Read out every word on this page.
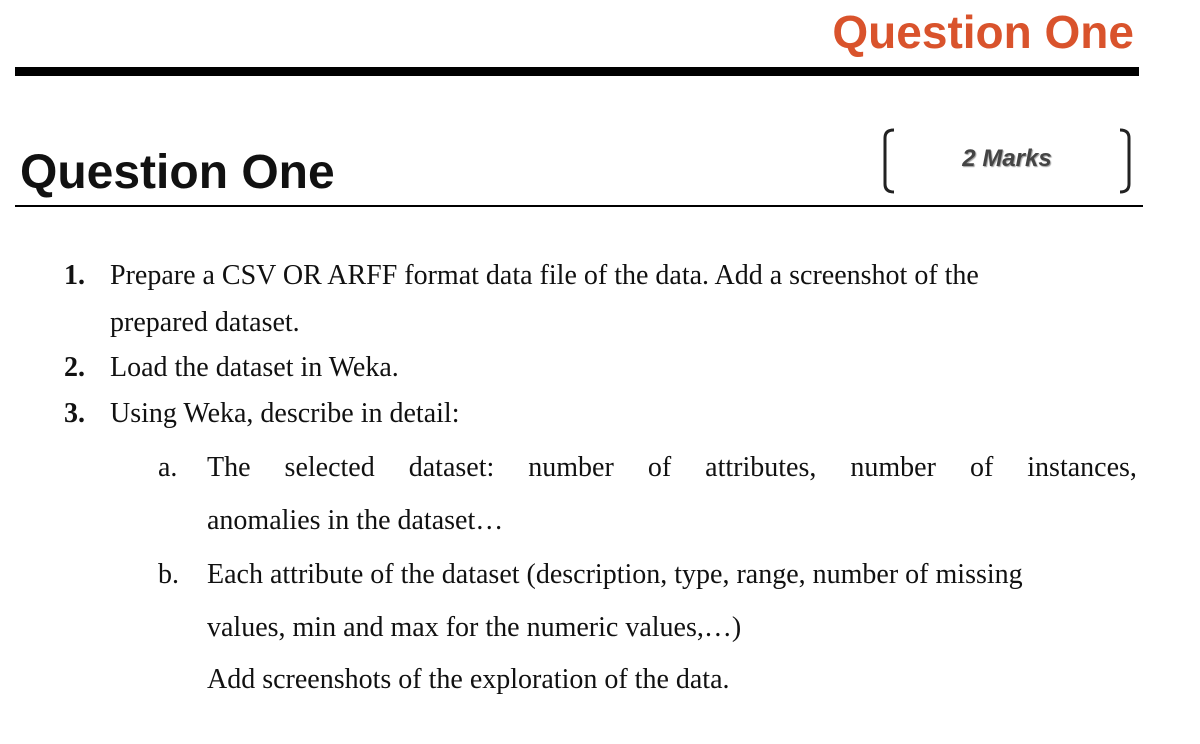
Question One
Question One	2 Marks
1. Prepare a CSV OR ARFF format data file of the data. Add a screenshot of the
prepared dataset.
2. Load the dataset in Weka.
3. Using Weka, describe in detail:
a. The selected dataset: number of attributes, number of instances,
anomalies in the dataset…
b. Each attribute of the dataset (description, type, range, number of missing
values, min and max for the numeric values,…)
Add screenshots of the exploration of the data.
